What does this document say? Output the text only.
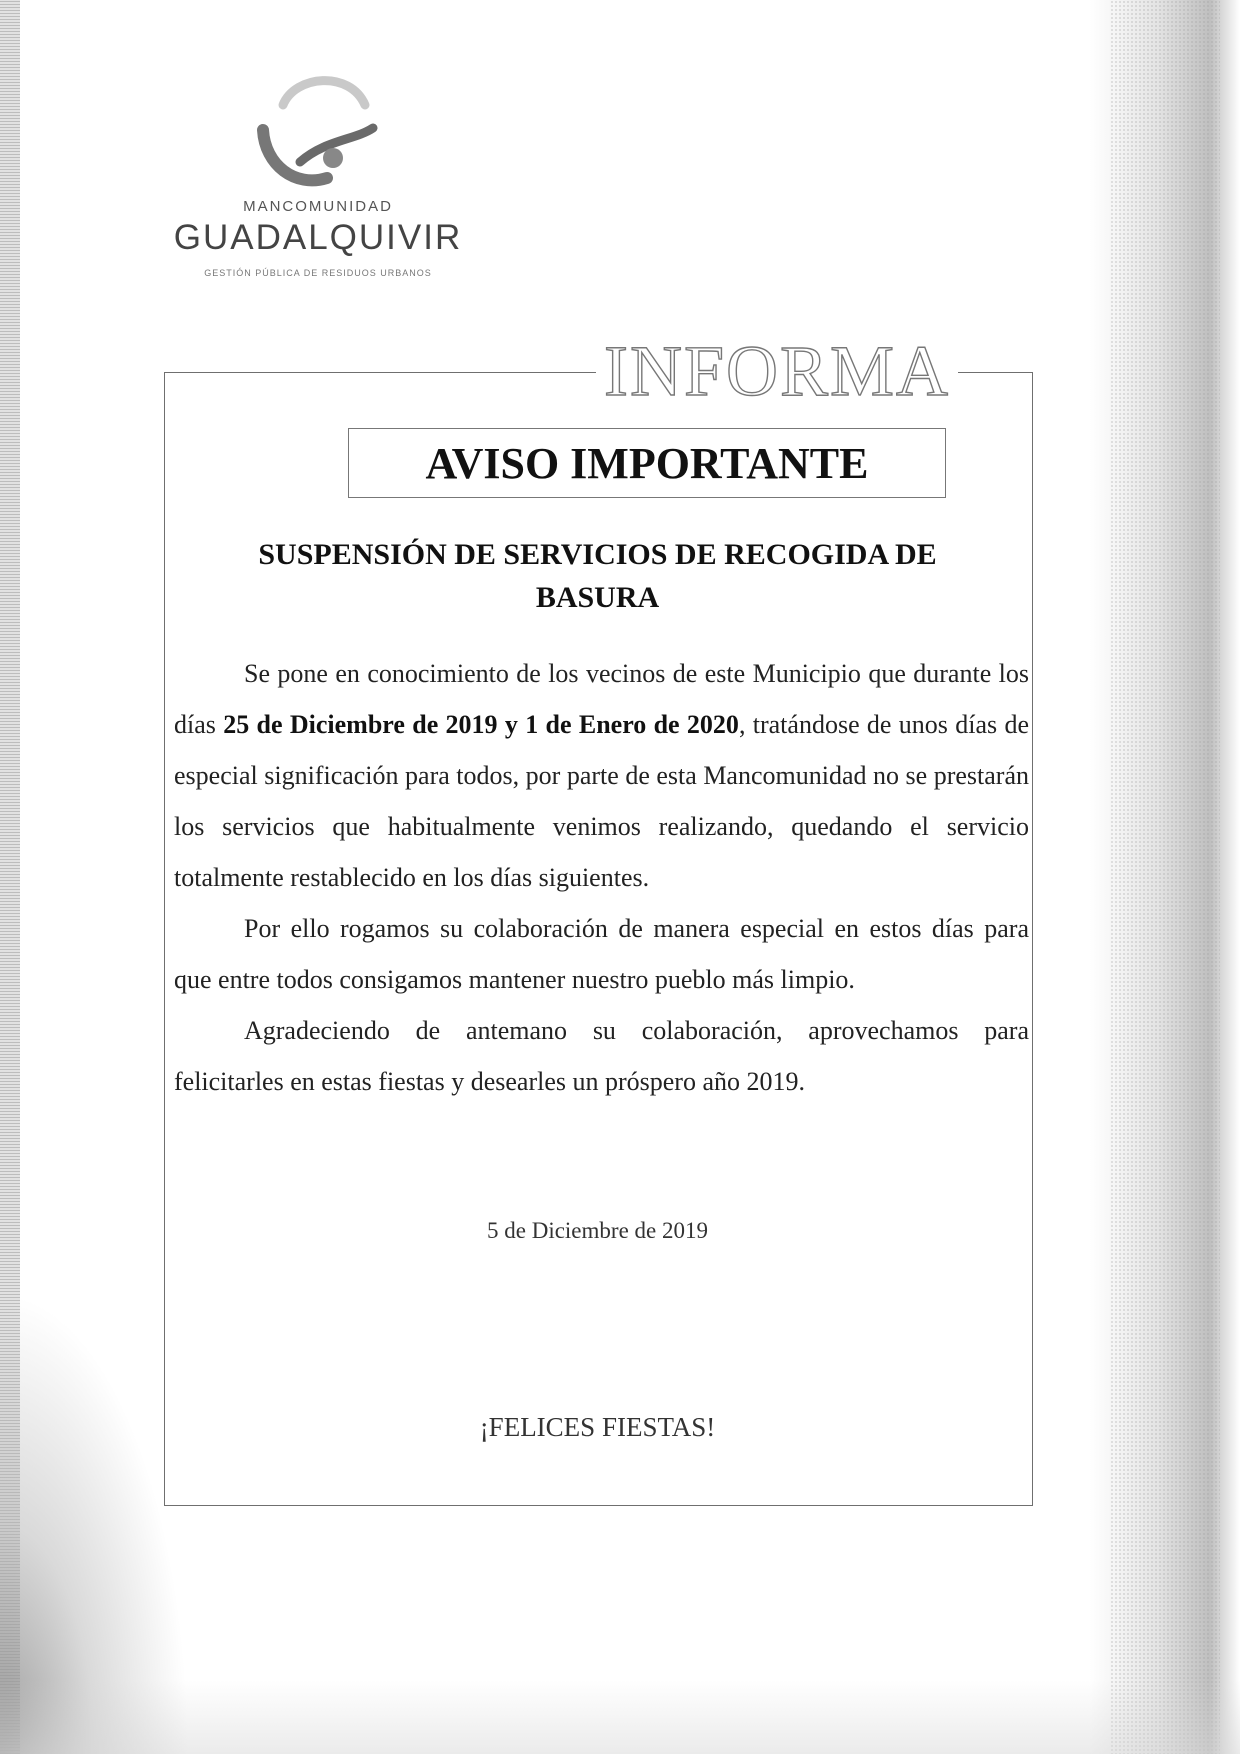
MANCOMUNIDAD
GUADALQUIVIR
GESTIÓN PÚBLICA DE RESIDUOS URBANOS
INFORMA
AVISO IMPORTANTE
SUSPENSIÓN DE SERVICIOS DE RECOGIDA DE BASURA

Se pone en conocimiento de los vecinos de este Municipio que durante los días 25 de Diciembre de 2019 y 1 de Enero de 2020, tratándose de unos días de especial significación para todos, por parte de esta Mancomunidad no se prestarán los servicios que habitualmente venimos realizando, quedando el servicio totalmente restablecido en los días siguientes.

Por ello rogamos su colaboración de manera especial en estos días para que entre todos consigamos mantener nuestro pueblo más limpio.

Agradeciendo de antemano su colaboración, aprovechamos para felicitarles en estas fiestas y desearles un próspero año 2019.

5 de Diciembre de 2019
¡FELICES FIESTAS!
